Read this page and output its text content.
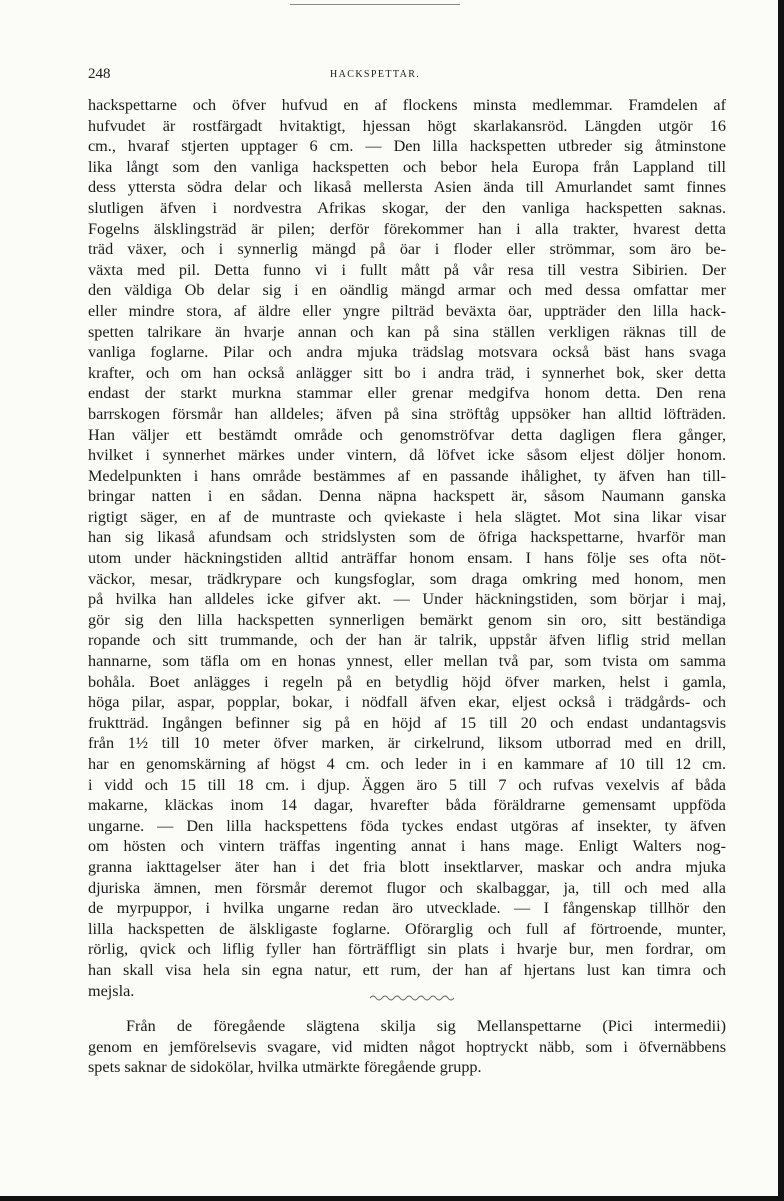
248	HACKSPETTAR.
hackspettarne och öfver hufvud en af flockens minsta medlemmar. Framdelen af
hufvudet är rostfärgadt hvitaktigt, hjessan högt skarlakansröd. Längden utgör 16
cm., hvaraf stjerten upptager 6 cm. — Den lilla hackspetten utbreder sig åtminstone
lika långt som den vanliga hackspetten och bebor hela Europa från Lappland till
dess yttersta södra delar och likaså mellersta Asien ända till Amurlandet samt finnes
slutligen äfven i nordvestra Afrikas skogar, der den vanliga hackspetten saknas.
Fogelns älsklingsträd är pilen; derför förekommer han i alla trakter, hvarest detta
träd växer, och i synnerlig mängd på öar i floder eller strömmar, som äro be-
växta med pil. Detta funno vi i fullt mått på vår resa till vestra Sibirien. Der
den väldiga Ob delar sig i en oändlig mängd armar och med dessa omfattar mer
eller mindre stora, af äldre eller yngre pilträd beväxta öar, uppträder den lilla hack-
spetten talrikare än hvarje annan och kan på sina ställen verkligen räknas till de
vanliga foglarne. Pilar och andra mjuka trädslag motsvara också bäst hans svaga
krafter, och om han också anlägger sitt bo i andra träd, i synnerhet bok, sker detta
endast der starkt murkna stammar eller grenar medgifva honom detta. Den rena
barrskogen försmår han alldeles; äfven på sina ströftåg uppsöker han alltid löfträden.
Han väljer ett bestämdt område och genomströfvar detta dagligen flera gånger,
hvilket i synnerhet märkes under vintern, då löfvet icke såsom eljest döljer honom.
Medelpunkten i hans område bestämmes af en passande ihålighet, ty äfven han till-
bringar natten i en sådan. Denna näpna hackspett är, såsom Naumann ganska
rigtigt säger, en af de muntraste och qviekaste i hela slägtet. Mot sina likar visar
han sig likaså afundsam och stridslysten som de öfriga hackspettarne, hvarför man
utom under häckningstiden alltid anträffar honom ensam. I hans följe ses ofta nöt-
väckor, mesar, trädkrypare och kungsfoglar, som draga omkring med honom, men
på hvilka han alldeles icke gifver akt. — Under häckningstiden, som börjar i maj,
gör sig den lilla hackspetten synnerligen bemärkt genom sin oro, sitt beständiga
ropande och sitt trummande, och der han är talrik, uppstår äfven liflig strid mellan
hannarne, som täfla om en honas ynnest, eller mellan två par, som tvista om samma
bohåla. Boet anlägges i regeln på en betydlig höjd öfver marken, helst i gamla,
höga pilar, aspar, popplar, bokar, i nödfall äfven ekar, eljest också i trädgårds- och
fruktträd. Ingången befinner sig på en höjd af 15 till 20 och endast undantagsvis
från 1½ till 10 meter öfver marken, är cirkelrund, liksom utborrad med en drill,
har en genomskärning af högst 4 cm. och leder in i en kammare af 10 till 12 cm.
i vidd och 15 till 18 cm. i djup. Äggen äro 5 till 7 och rufvas vexelvis af båda
makarne, kläckas inom 14 dagar, hvarefter båda föräldrarne gemensamt uppföda
ungarne. — Den lilla hackspettens föda tyckes endast utgöras af insekter, ty äfven
om hösten och vintern träffas ingenting annat i hans mage. Enligt Walters nog-
granna iakttagelser äter han i det fria blott insektlarver, maskar och andra mjuka
djuriska ämnen, men försmår deremot flugor och skalbaggar, ja, till och med alla
de myrpuppor, i hvilka ungarne redan äro utvecklade. — I fångenskap tillhör den
lilla hackspetten de älskligaste foglarne. Oförarglig och full af förtroende, munter,
rörlig, qvick och liflig fyller han förträffligt sin plats i hvarje bur, men fordrar, om
han skall visa hela sin egna natur, ett rum, der han af hjertans lust kan timra och
mejsla.
Från de föregående slägtena skilja sig Mellanspettarne (Pici intermedii)
genom en jemförelsevis svagare, vid midten något hoptryckt näbb, som i öfvernäbbens
spets saknar de sidokölar, hvilka utmärkte föregående grupp.
